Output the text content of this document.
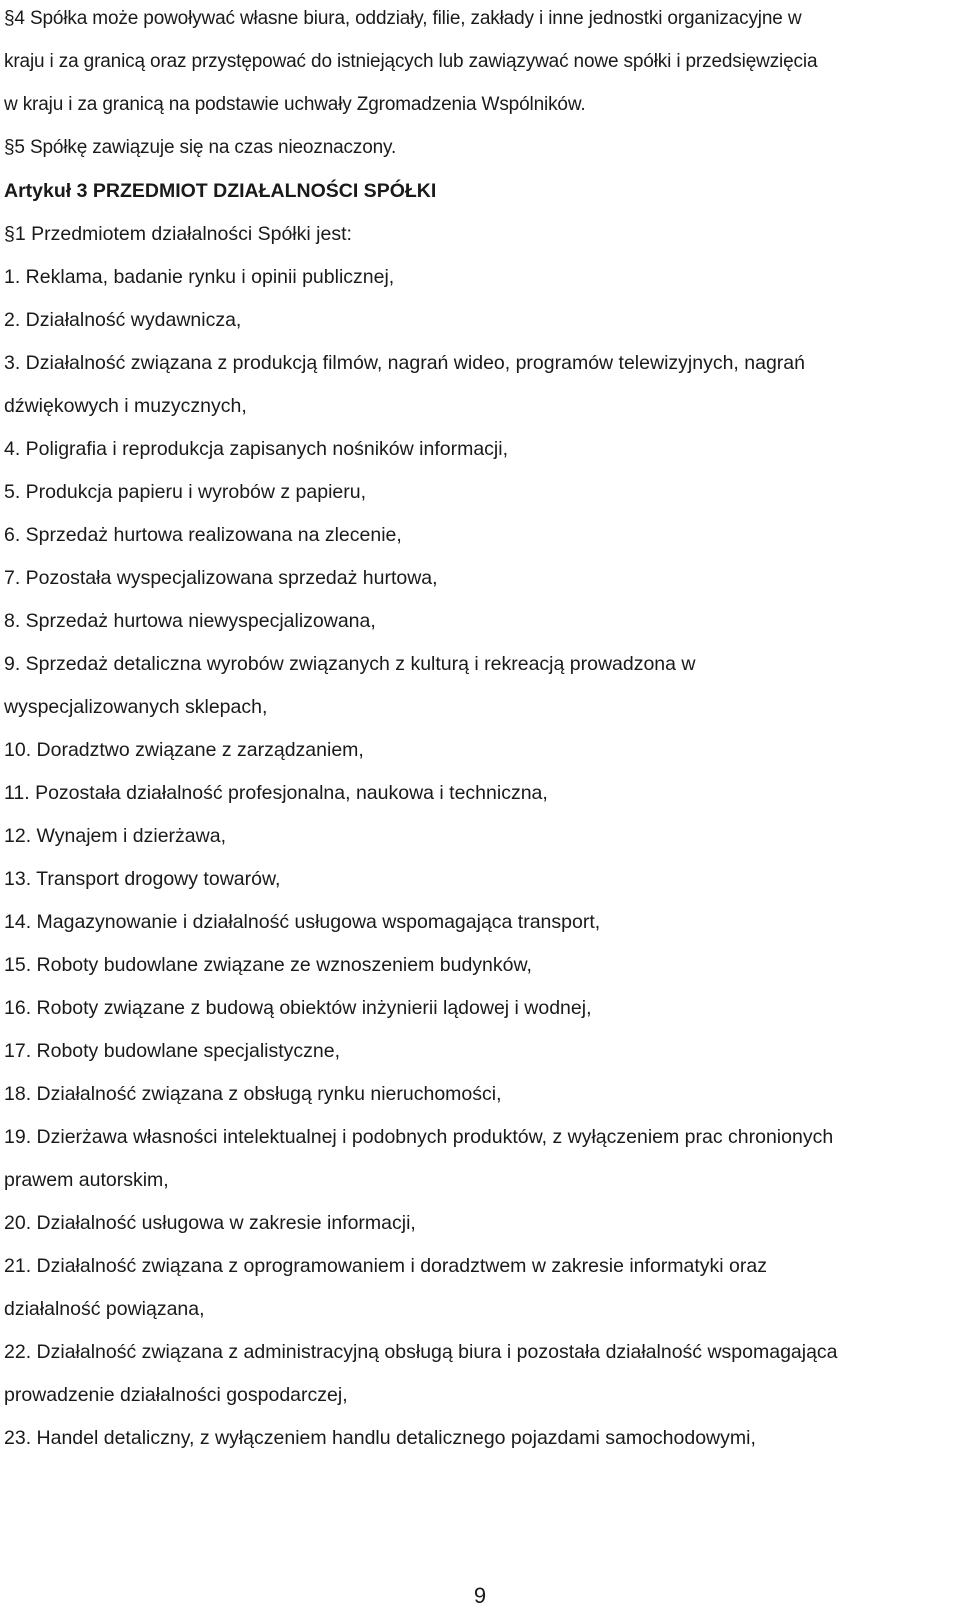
§4 Spółka może powoływać własne biura, oddziały, filie, zakłady i inne jednostki organizacyjne w
kraju i za granicą oraz przystępować do istniejących lub zawiązywać nowe spółki i przedsięwzięcia
w kraju i za granicą na podstawie uchwały Zgromadzenia Wspólników.
§5 Spółkę zawiązuje się na czas nieoznaczony.
Artykuł 3 PRZEDMIOT DZIAŁALNOŚCI SPÓŁKI
§1 Przedmiotem działalności Spółki jest:
1. Reklama, badanie rynku i opinii publicznej,
2. Działalność wydawnicza,
3. Działalność związana z produkcją filmów, nagrań wideo, programów telewizyjnych, nagrań
dźwiękowych i muzycznych,
4. Poligrafia i reprodukcja zapisanych nośników informacji,
5. Produkcja papieru i wyrobów z papieru,
6. Sprzedaż hurtowa realizowana na zlecenie,
7. Pozostała wyspecjalizowana sprzedaż hurtowa,
8. Sprzedaż hurtowa niewyspecjalizowana,
9. Sprzedaż detaliczna wyrobów związanych z kulturą i rekreacją prowadzona w
wyspecjalizowanych sklepach,
10. Doradztwo związane z zarządzaniem,
11. Pozostała działalność profesjonalna, naukowa i techniczna,
12. Wynajem i dzierżawa,
13. Transport drogowy towarów,
14. Magazynowanie i działalność usługowa wspomagająca transport,
15. Roboty budowlane związane ze wznoszeniem budynków,
16. Roboty związane z budową obiektów inżynierii lądowej i wodnej,
17. Roboty budowlane specjalistyczne,
18. Działalność związana z obsługą rynku nieruchomości,
19. Dzierżawa własności intelektualnej i podobnych produktów, z wyłączeniem prac chronionych
prawem autorskim,
20. Działalność usługowa w zakresie informacji,
21. Działalność związana z oprogramowaniem i doradztwem w zakresie informatyki oraz
działalność powiązana,
22. Działalność związana z administracyjną obsługą biura i pozostała działalność wspomagająca
prowadzenie działalności gospodarczej,
23. Handel detaliczny, z wyłączeniem handlu detalicznego pojazdami samochodowymi,
9
